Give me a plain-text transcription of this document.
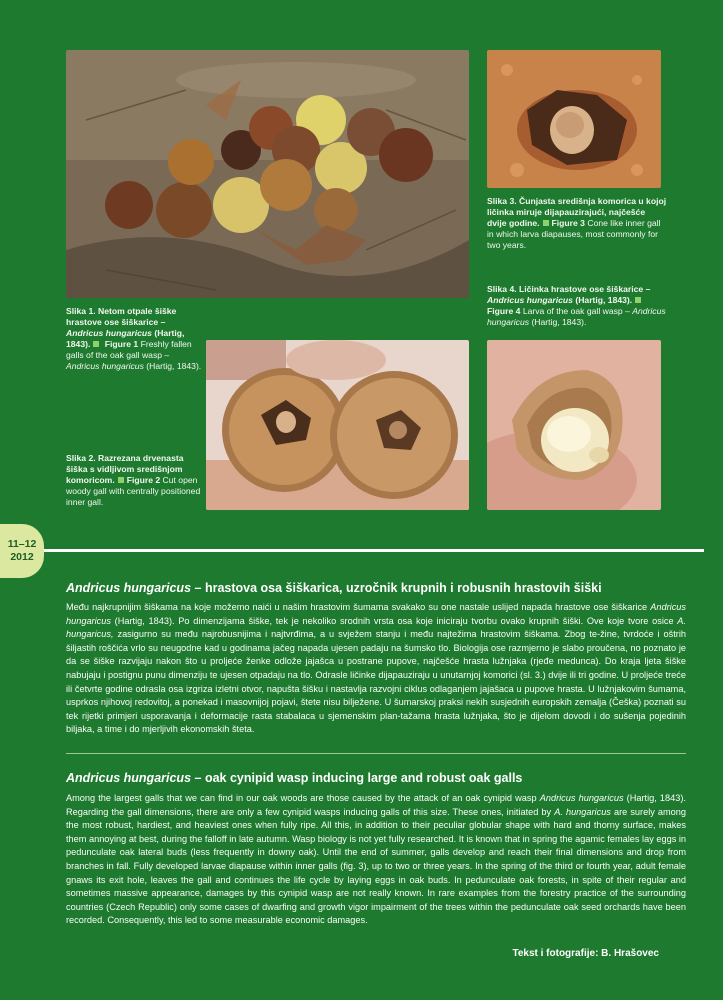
Slika 3. Čunjasta središnja komorica u kojoj ličinka miruje dijapauzirajući, najčešće dvije godine. Figure 3 Cone like inner gall in which larva diapauses, most commonly for two years.
Slika 4. Ličinka hrastove ose šiškarice – Andricus hungaricus (Hartig, 1843). Figure 4 Larva of the oak gall wasp – Andricus hungaricus (Hartig, 1843).
Slika 1. Netom otpale šiške hrastove ose šiškarice – Andricus hungaricus (Hartig, 1843). Figure 1 Freshly fallen galls of the oak gall wasp – Andricus hungaricus (Hartig, 1843).
Slika 2. Razrezana drvenasta šiška s vidljivom središnjom komoricom. Figure 2 Cut open woody gall with centrally positioned inner gall.
11–12
2012
Andricus hungaricus – hrastova osa šiškarica, uzročnik krupnih i robusnih hrastovih šiški
Među najkrupnijim šiškama na koje možemo naići u našim hrastovim šumama svakako su one nastale uslijed napada hrastove ose šiškarice Andricus hungaricus (Hartig, 1843). Po dimenzijama šiške, tek je nekoliko srodnih vrsta osa koje iniciraju tvorbu ovako krupnih šiški. Ove koje tvore osice A. hungaricus, zasigurno su među najrobusnijima i najtvrđima, a u svježem stanju i među najtežima hrastovim šiškama. Zbog te-žine, tvrdoće i oštrih šiljastih roščića vrlo su neugodne kad u godinama jačeg napada ujesen padaju na šumsko tlo. Biologija ose razmjerno je slabo proučena, no poznato je da se šiške razvijaju nakon što u proljeće ženke odlože jajašca u postrane pupove, najčešće hrasta lužnjaka (rjeđe medunca). Do kraja ljeta šiške nabujaju i postignu punu dimenziju te ujesen otpadaju na tlo. Odrasle ličinke dijapauziraju u unutarnjoj komorici (sl. 3.) dvije ili tri godine. U proljeće treće ili četvrte godine odrasla osa izgriza izletni otvor, napušta šišku i nastavlja razvojni ciklus odlaganjem jajašaca u pupove hrasta. U lužnjakovim šumama, usprkos njihovoj redovitoj, a ponekad i masovnijoj pojavi, štete nisu bilježene. U šumarskoj praksi nekih susjednih europskih zemalja (Češka) poznati su tek rijetki primjeri usporavanja i deformacije rasta stabalaca u sjemenskim plan-tažama hrasta lužnjaka, što je dijelom dovodi i do sušenja pojedinih biljaka, a time i do mjerljivih ekonomskih šteta.
Andricus hungaricus – oak cynipid wasp inducing large and robust oak galls
Among the largest galls that we can find in our oak woods are those caused by the attack of an oak cynipid wasp Andricus hungaricus (Hartig, 1843). Regarding the gall dimensions, there are only a few cynipid wasps inducing galls of this size. These ones, initiated by A. hungaricus are surely among the most robust, hardiest, and heaviest ones when fully ripe. All this, in addition to their peculiar globular shape with hard and thorny surface, makes them annoying at best, during the falloff in late autumn. Wasp biology is not yet fully researched. It is known that in spring the agamic females lay eggs in pedunculate oak lateral buds (less frequently in downy oak). Until the end of summer, galls develop and reach their final dimensions and drop from branches in fall. Fully developed larvae diapause within inner galls (fig. 3), up to two or three years. In the spring of the third or fourth year, adult female gnaws its exit hole, leaves the gall and continues the life cycle by laying eggs in oak buds. In pedunculate oak forests, in spite of their regular and sometimes massive appearance, damages by this cynipid wasp are not really known. In rare examples from the forestry practice of the surrounding countries (Czech Republic) only some cases of dwarfing and growth vigor impairment of the trees within the pedunculate oak seed orchards have been recorded. Consequently, this led to some measurable economic damages.
Tekst i fotografije: B. Hrašovec
